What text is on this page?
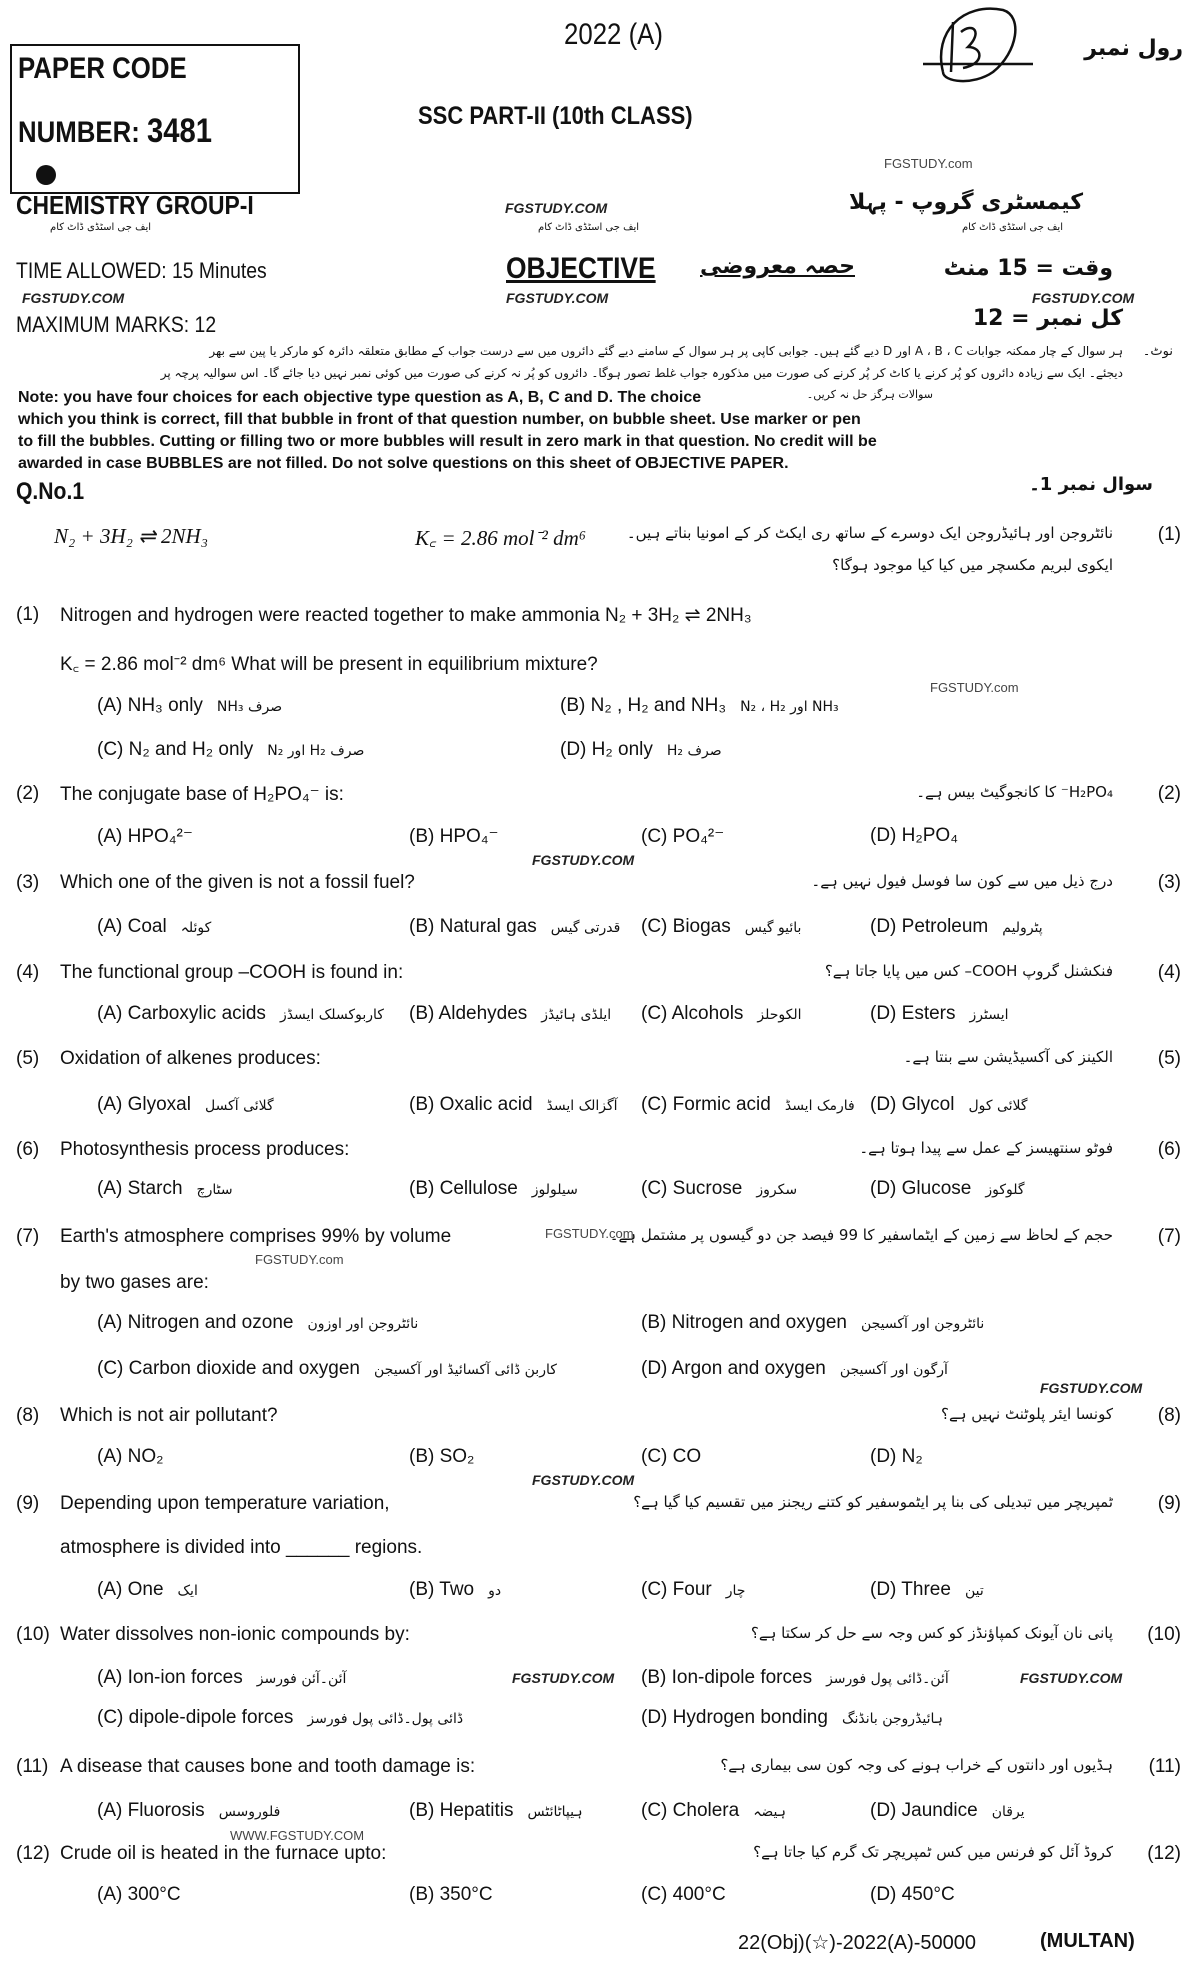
PAPER CODE
NUMBER: 3481
2022 (A)
SSC PART-II (10th CLASS)
رول نمبر
FGSTUDY.com
CHEMISTRY GROUP-I	FGSTUDY.COM	کیمسٹری گروپ - پہلا
ایف جی اسٹڈی ڈاٹ کام	ایف جی اسٹڈی ڈاٹ کام	ایف جی اسٹڈی ڈاٹ کام
TIME ALLOWED: 15 Minutes	OBJECTIVE حصہ معروضی	وقت = 15 منٹ
FGSTUDY.COM	FGSTUDY.COM	FGSTUDY.COM
MAXIMUM MARKS: 12	کل نمبر = 12
نوٹ۔
ہر سوال کے چار ممکنہ جوابات A ، B ، C اور D دیے گئے ہیں۔ جوابی کاپی پر ہر سوال کے سامنے دیے گئے دائروں میں سے درست جواب کے مطابق متعلقہ دائرہ کو مارکر یا پین سے بھر
دیجئے۔ ایک سے زیادہ دائروں کو پُر کرنے یا کاٹ کر پُر کرنے کی صورت میں مذکورہ جواب غلط تصور ہوگا۔ دائروں کو پُر نہ کرنے کی صورت میں کوئی نمبر نہیں دیا جائے گا۔ اس سوالیہ پرچہ پر
سوالات ہرگز حل نہ کریں۔
Note: you have four choices for each objective type question as A, B, C and D. The choice
which you think is correct, fill that bubble in front of that question number, on bubble sheet. Use marker or pen
to fill the bubbles. Cutting or filling two or more bubbles will result in zero mark in that question. No credit will be
awarded in case BUBBLES are not filled. Do not solve questions on this sheet of OBJECTIVE PAPER.
Q.No.1	سوال نمبر 1۔
N₂ + 3H₂ ⇌ 2NH₃	K꜀ = 2.86 mol⁻² dm⁶	نائٹروجن اور ہائیڈروجن ایک دوسرے کے ساتھ ری ایکٹ کر کے امونیا بناتے ہیں۔
ایکوی لبریم مکسچر میں کیا کیا موجود ہوگا؟
(1)
(1) Nitrogen and hydrogen were reacted together to make ammonia N₂ + 3H₂ ⇌ 2NH₃
K꜀ = 2.86 mol⁻² dm⁶ What will be present in equilibrium mixture?
(A) NH₃ only صرف NH₃	(B) N₂ , H₂ and NH₃ NH₃ اور N₂ ، H₂
(C) N₂ and H₂ only صرف H₂ اور N₂	(D) H₂ only صرف H₂
(2) The conjugate base of H₂PO₄⁻ is:	H₂PO₄⁻ کا کانجوگیٹ بیس ہے۔ (2)
(A) HPO₄²⁻	(B) HPO₄⁻	(C) PO₄²⁻	(D) H₂PO₄
(3) Which one of the given is not a fossil fuel?	درج ذیل میں سے کون سا فوسل فیول نہیں ہے۔ (3)
(A) Coal کوئلہ	(B) Natural gas قدرتی گیس (C) Biogas بائیو گیس	(D) Petroleum پٹرولیم
(4) The functional group –COOH is found in:	فنکشنل گروپ COOH– کس میں پایا جاتا ہے؟ (4)
(A) Carboxylic acids کاربوکسلک ایسڈز (B) Aldehydes ایلڈی ہائیڈز (C) Alcohols الکوحلز	(D) Esters ایسٹرز
(5) Oxidation of alkenes produces:	الکینز کی آکسیڈیشن سے بنتا ہے۔ (5)
(A) Glyoxal گلائی آکسل	(B) Oxalic acid آگزالک ایسڈ (C) Formic acid فارمک ایسڈ (D) Glycol گلائی کول
(6) Photosynthesis process produces:	فوٹو سنتھیسز کے عمل سے پیدا ہوتا ہے۔ (6)
(A) Starch سٹارچ	(B) Cellulose سیلولوز	(C) Sucrose سکروز	(D) Glucose گلوکوز
(7) Earth's atmosphere comprises 99% by volume
by two gases are:
حجم کے لحاظ سے زمین کے ایٹماسفیر کا 99 فیصد جن دو گیسوں پر مشتمل ہے۔ (7)
(A) Nitrogen and ozone نائٹروجن اور اوزون	(B) Nitrogen and oxygen نائٹروجن اور آکسیجن
(C) Carbon dioxide and oxygen کاربن ڈائی آکسائیڈ اور آکسیجن	(D) Argon and oxygen آرگون اور آکسیجن
(8) Which is not air pollutant?	کونسا ایئر پلوٹنٹ نہیں ہے؟ (8)
(A) NO₂	(B) SO₂	(C) CO	(D) N₂
(9) Depending upon temperature variation,
atmosphere is divided into ______ regions.
ٹمپریچر میں تبدیلی کی بنا پر ایٹموسفیر کو کتنے ریجنز میں تقسیم کیا گیا ہے؟ (9)
(A) One ایک	(B) Two دو	(C) Four چار	(D) Three تین
(10) Water dissolves non-ionic compounds by:	پانی نان آیونک کمپاؤنڈز کو کس وجہ سے حل کر سکتا ہے؟ (10)
(A) Ion-ion forces آئن۔آئن فورسز	(B) Ion-dipole forces آئن۔ڈائی پول فورسز
(C) dipole-dipole forces ڈائی پول۔ڈائی پول فورسز	(D) Hydrogen bonding ہائیڈروجن بانڈنگ
(11) A disease that causes bone and tooth damage is:	ہڈیوں اور دانتوں کے خراب ہونے کی وجہ کون سی بیماری ہے؟ (11)
(A) Fluorosis فلوروسس	(B) Hepatitis ہیپاٹائٹس	(C) Cholera ہیضہ	(D) Jaundice یرقان
(12) Crude oil is heated in the furnace upto:	کروڈ آئل کو فرنس میں کس ٹمپریچر تک گرم کیا جاتا ہے؟ (12)
(A) 300°C	(B) 350°C	(C) 400°C	(D) 450°C
FGSTUDY.com
FGSTUDY.COM
FGSTUDY.com
FGSTUDY.com
FGSTUDY.COM
FGSTUDY.COM
FGSTUDY.COM	FGSTUDY.COM
WWW.FGSTUDY.COM
22(Obj)(☆)-2022(A)-50000	(MULTAN)
